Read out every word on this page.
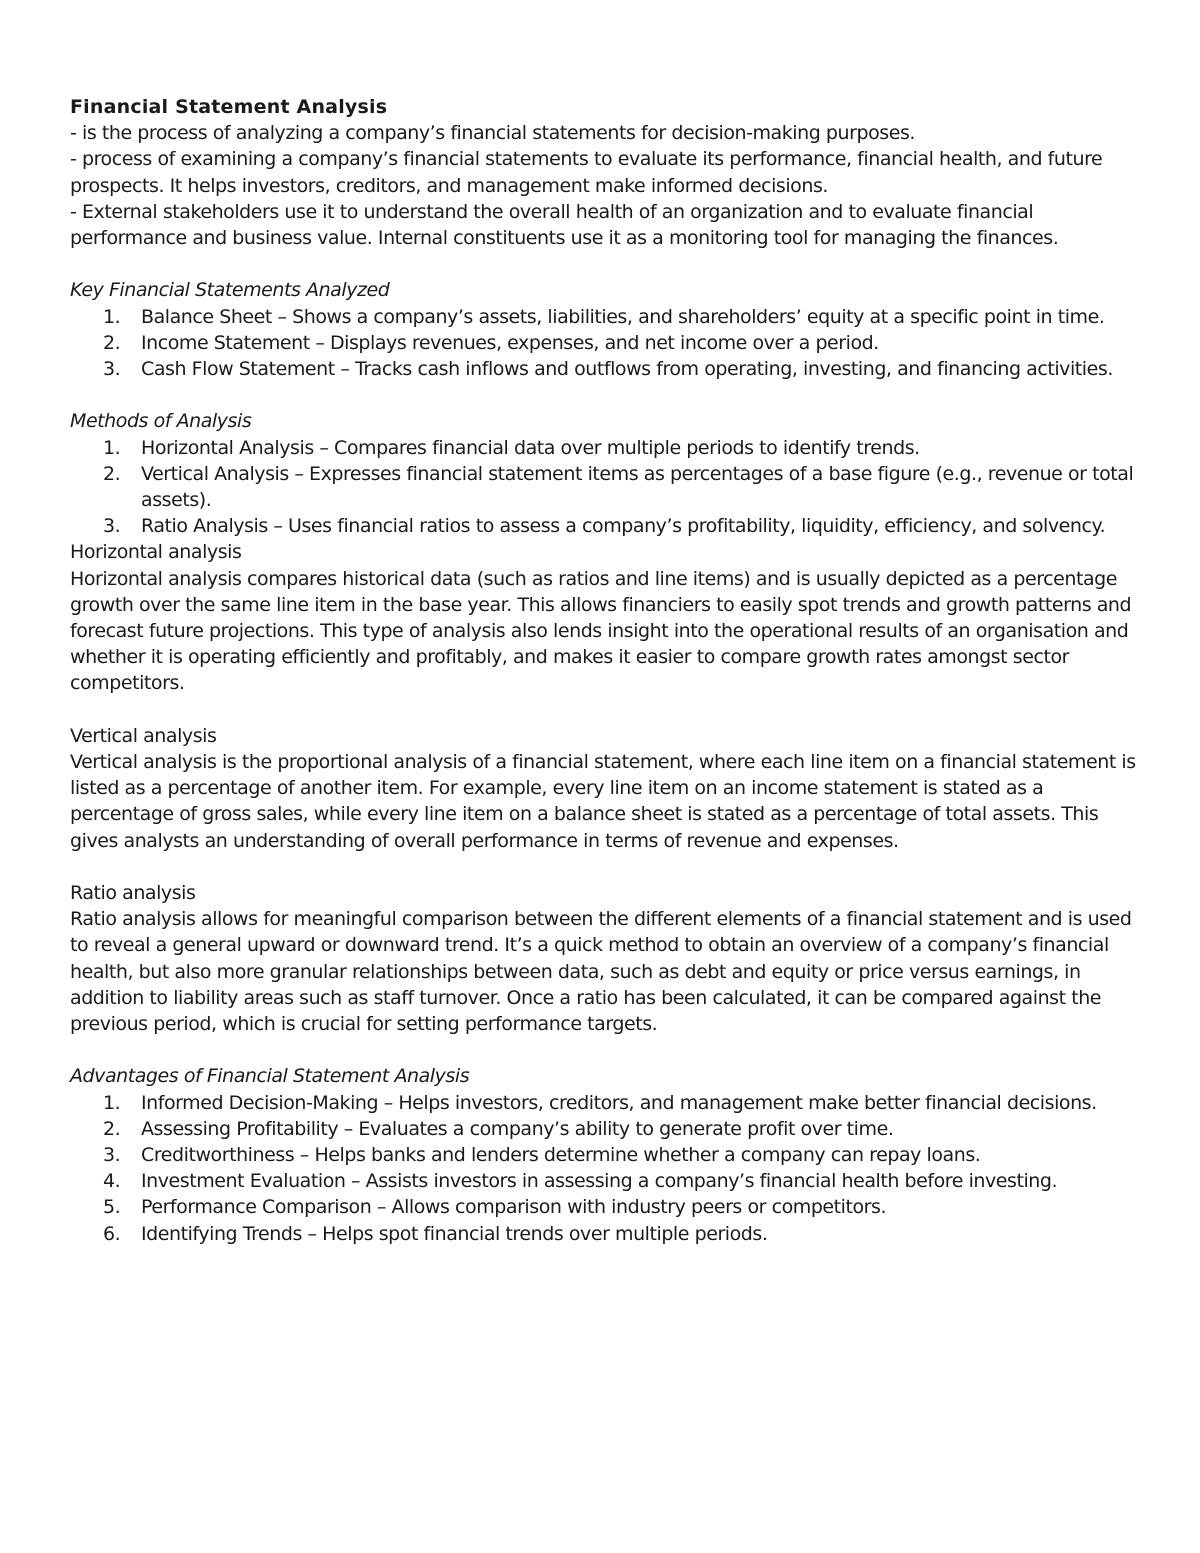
Financial Statement Analysis

- is the process of analyzing a company’s financial statements for decision-making purposes.

- process of examining a company’s financial statements to evaluate its performance, financial health, and future prospects. It helps investors, creditors, and management make informed decisions.

- External stakeholders use it to understand the overall health of an organization and to evaluate financial performance and business value. Internal constituents use it as a monitoring tool for managing the finances.

Key Financial Statements Analyzed

1. Balance Sheet – Shows a company’s assets, liabilities, and shareholders’ equity at a specific point in time.
2. Income Statement – Displays revenues, expenses, and net income over a period.
3. Cash Flow Statement – Tracks cash inflows and outflows from operating, investing, and financing activities.

Methods of Analysis

1. Horizontal Analysis – Compares financial data over multiple periods to identify trends.
2. Vertical Analysis – Expresses financial statement items as percentages of a base figure (e.g., revenue or total assets).
3. Ratio Analysis – Uses financial ratios to assess a company’s profitability, liquidity, efficiency, and solvency.

Horizontal analysis

Horizontal analysis compares historical data (such as ratios and line items) and is usually depicted as a percentage growth over the same line item in the base year. This allows financiers to easily spot trends and growth patterns and forecast future projections. This type of analysis also lends insight into the operational results of an organisation and whether it is operating efficiently and profitably, and makes it easier to compare growth rates amongst sector competitors.

Vertical analysis

Vertical analysis is the proportional analysis of a financial statement, where each line item on a financial statement is listed as a percentage of another item. For example, every line item on an income statement is stated as a percentage of gross sales, while every line item on a balance sheet is stated as a percentage of total assets. This gives analysts an understanding of overall performance in terms of revenue and expenses.

Ratio analysis

Ratio analysis allows for meaningful comparison between the different elements of a financial statement and is used to reveal a general upward or downward trend. It’s a quick method to obtain an overview of a company’s financial health, but also more granular relationships between data, such as debt and equity or price versus earnings, in addition to liability areas such as staff turnover. Once a ratio has been calculated, it can be compared against the previous period, which is crucial for setting performance targets.

Advantages of Financial Statement Analysis

1. Informed Decision-Making – Helps investors, creditors, and management make better financial decisions.
2. Assessing Profitability – Evaluates a company’s ability to generate profit over time.
3. Creditworthiness – Helps banks and lenders determine whether a company can repay loans.
4. Investment Evaluation – Assists investors in assessing a company’s financial health before investing.
5. Performance Comparison – Allows comparison with industry peers or competitors.
6. Identifying Trends – Helps spot financial trends over multiple periods.
